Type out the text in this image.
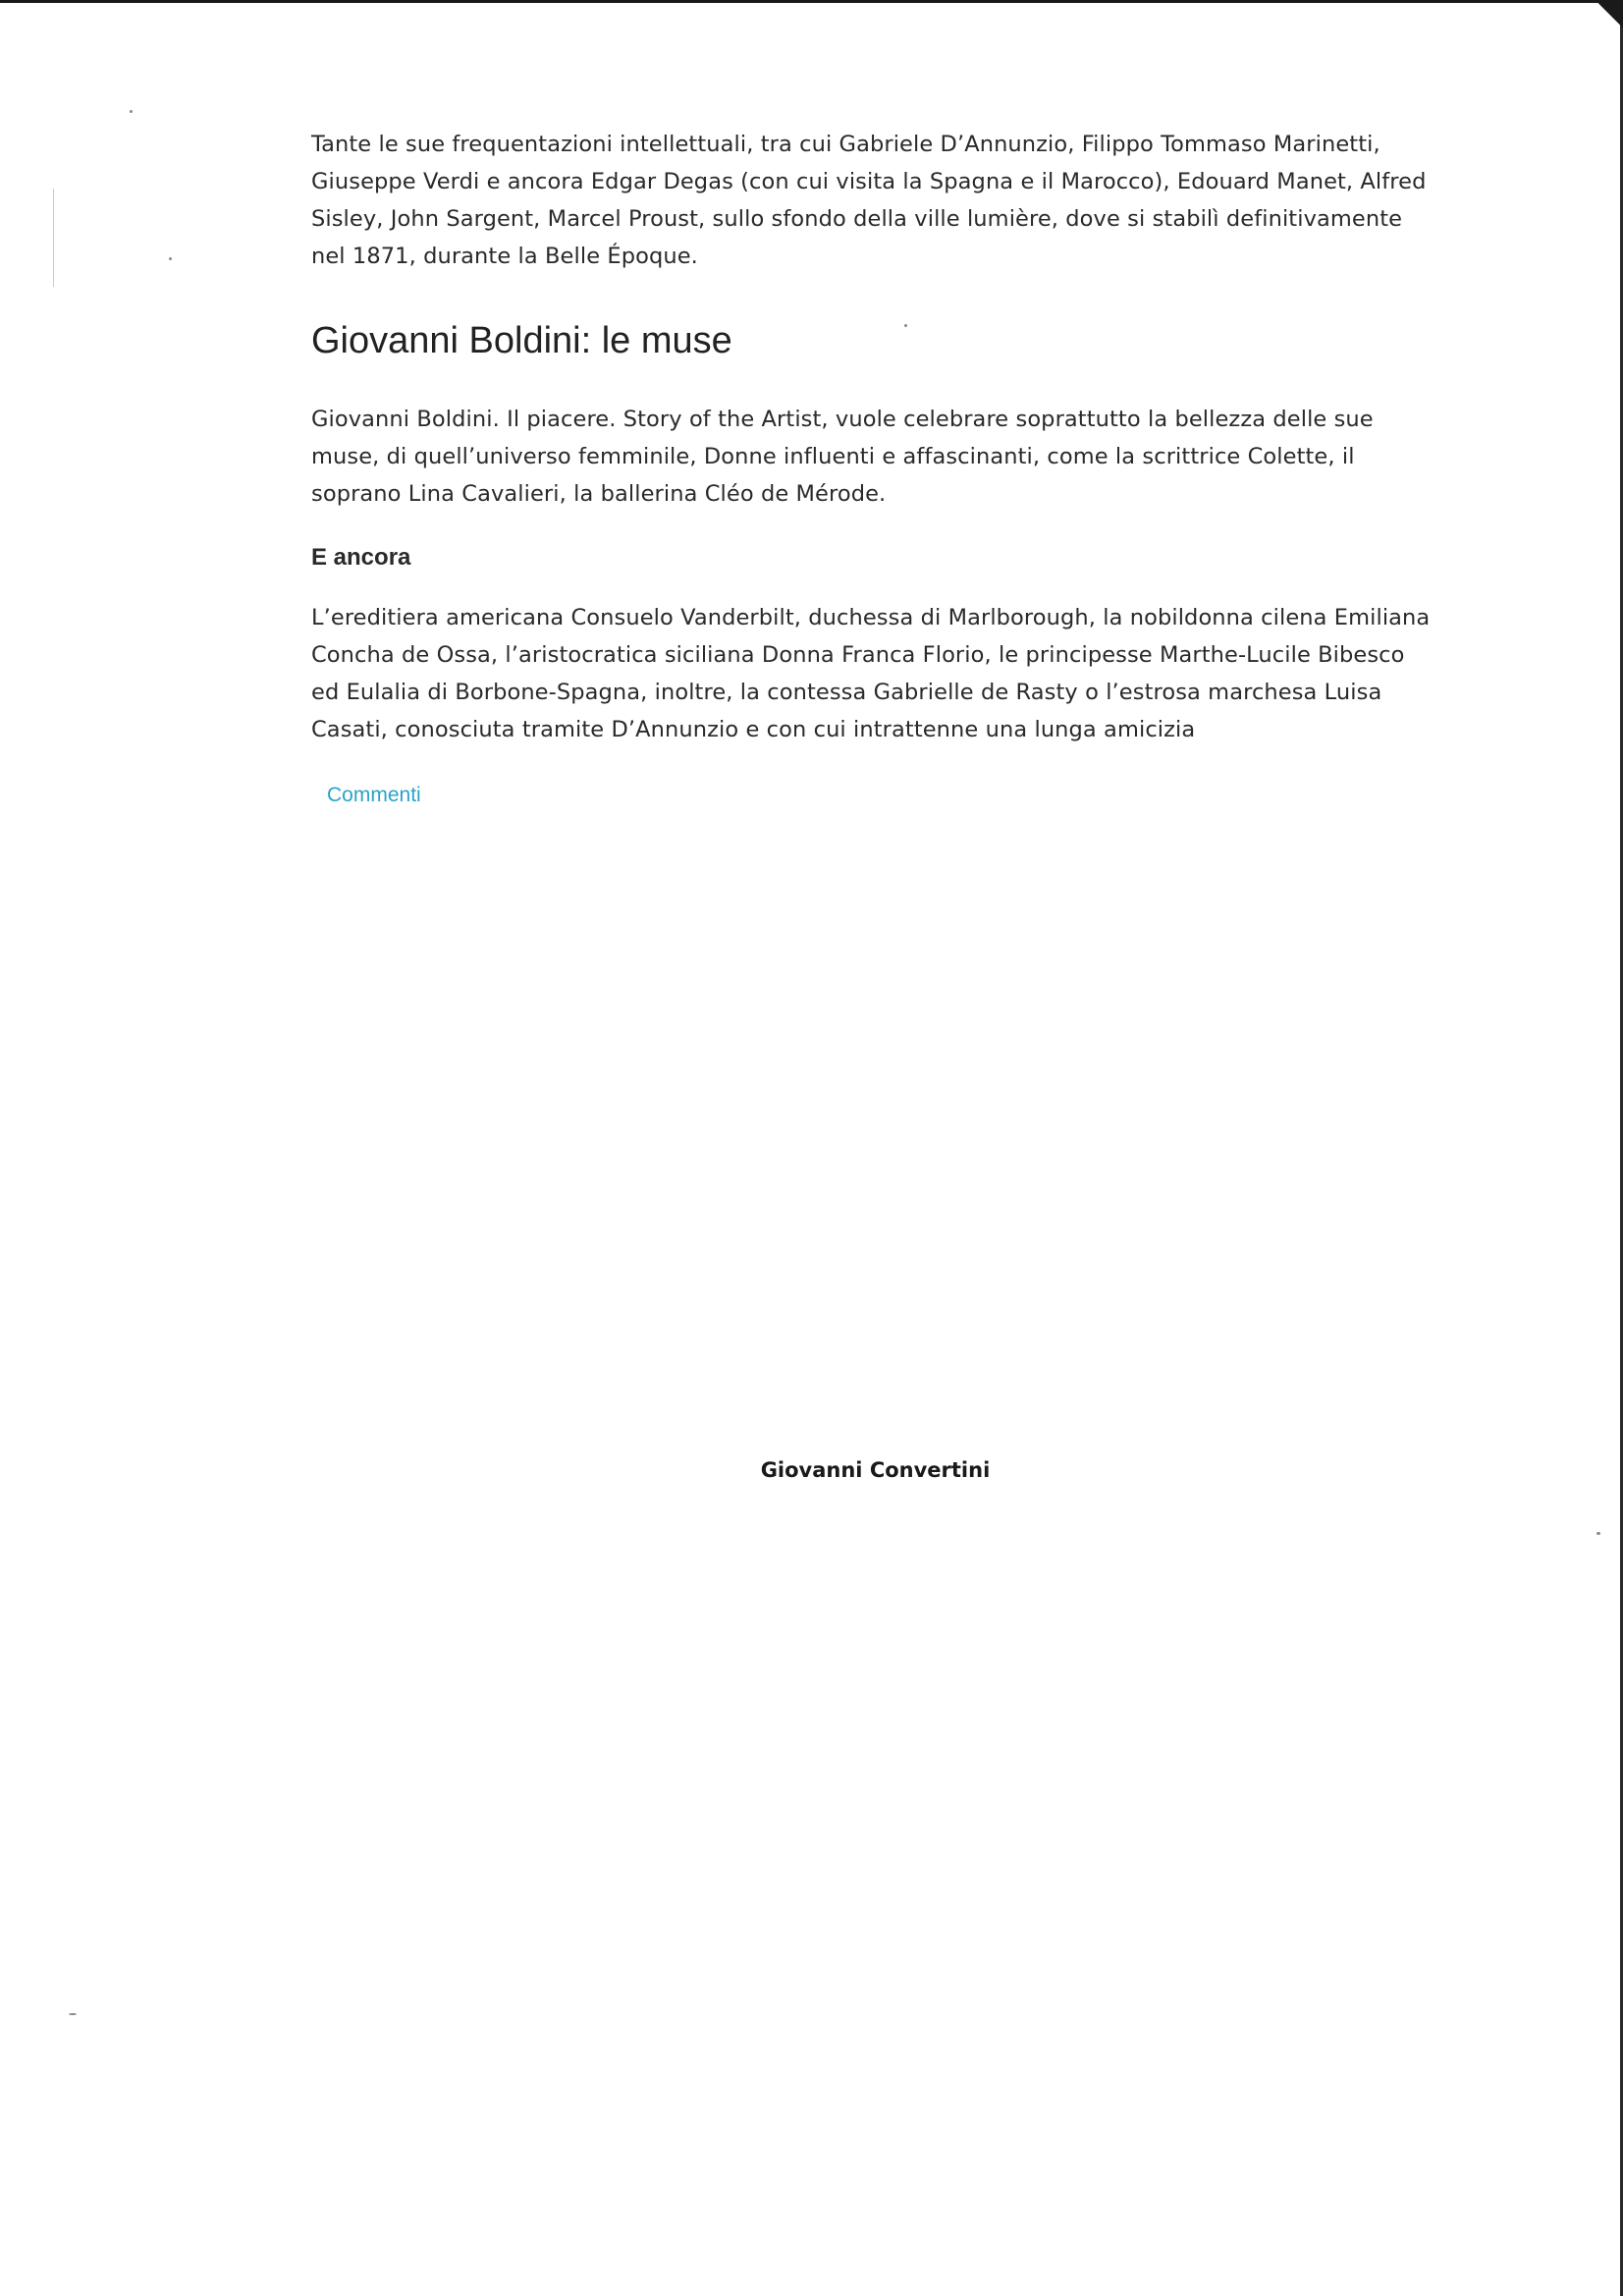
Tante le sue frequentazioni intellettuali, tra cui Gabriele D’Annunzio, Filippo Tommaso Marinetti, Giuseppe Verdi e ancora Edgar Degas (con cui visita la Spagna e il Marocco), Edouard Manet, Alfred Sisley, John Sargent, Marcel Proust, sullo sfondo della ville lumière, dove si stabilì definitivamente nel 1871, durante la Belle Époque.

Giovanni Boldini: le muse

Giovanni Boldini. Il piacere. Story of the Artist, vuole celebrare soprattutto la bellezza delle sue muse, di quell’universo femminile, Donne influenti e affascinanti, come la scrittrice Colette, il soprano Lina Cavalieri, la ballerina Cléo de Mérode.

E ancora

L’ereditiera americana Consuelo Vanderbilt, duchessa di Marlborough, la nobildonna cilena Emiliana Concha de Ossa, l’aristocratica siciliana Donna Franca Florio, le principesse Marthe-Lucile Bibesco ed Eulalia di Borbone-Spagna, inoltre, la contessa Gabrielle de Rasty o l’estrosa marchesa Luisa Casati, conosciuta tramite D’Annunzio e con cui intrattenne una lunga amicizia

Commenti
Giovanni Convertini
